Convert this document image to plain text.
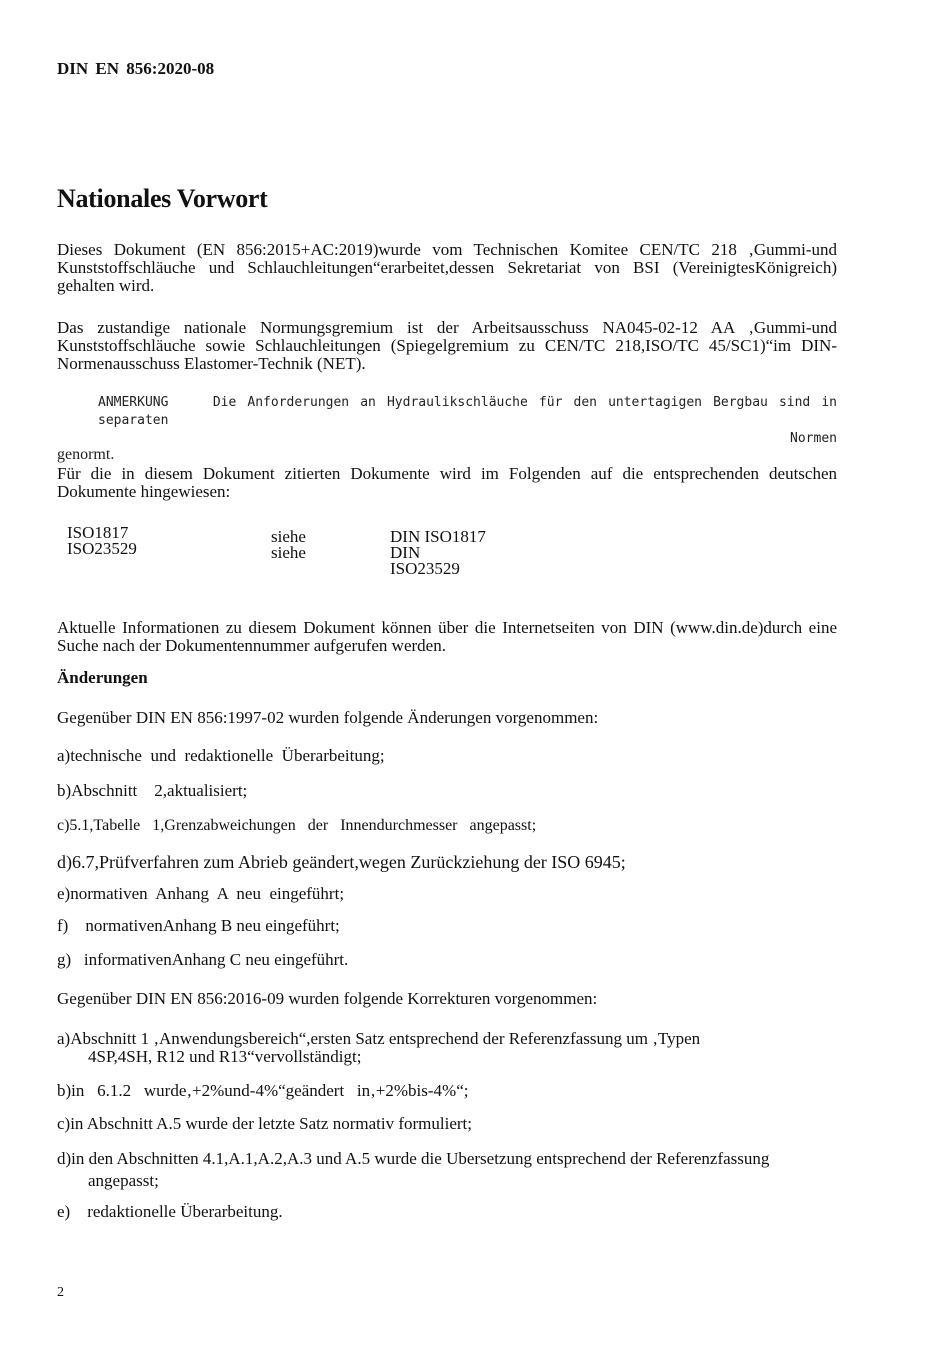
DIN EN 856:2020-08
Nationales Vorwort
Dieses Dokument (EN 856:2015+AC:2019)wurde vom Technischen Komitee CEN/TC 218 ‚Gummi-und Kunststoffschläuche und Schlauchleitungen“erarbeitet,dessen Sekretariat von BSI (VereinigtesKönigreich) gehalten wird.
Das zustandige nationale Normungsgremium ist der Arbeitsausschuss NA045-02-12 AA ‚Gummi-und Kunststoffschläuche sowie Schlauchleitungen (Spiegelgremium zu CEN/TC 218,ISO/TC 45/SC1)“im DIN-Normenausschuss Elastomer-Technik (NET).
ANMERKUNG	Die Anforderungen an Hydraulikschläuche für den untertagigen Bergbau sind in separaten
Normen
genormt.
Für die in diesem Dokument zitierten Dokumente wird im Folgenden auf die entsprechenden deutschen Dokumente hingewiesen:
ISO1817
ISO23529
siehe
siehe
DIN ISO1817
DIN
ISO23529
Aktuelle Informationen zu diesem Dokument können über die Internetseiten von DIN (www.din.de)durch eine Suche nach der Dokumentennummer aufgerufen werden.
Änderungen
Gegenüber DIN EN 856:1997-02 wurden folgende Änderungen vorgenommen:
a)technische  und  redaktionelle  Überarbeitung;
b)Abschnitt    2,aktualisiert;
c)5.1,Tabelle   1,Grenzabweichungen   der   Innendurchmesser   angepasst;
d)6.7,Prüfverfahren zum Abrieb geändert,wegen Zurückziehung der ISO 6945;
e)normativen  Anhang  A  neu  eingeführt;
f)    normativenAnhang B neu eingeführt;
g)   informativenAnhang C neu eingeführt.
Gegenüber DIN EN 856:2016-09 wurden folgende Korrekturen vorgenommen:
a)Abschnitt 1 ‚Anwendungsbereich“,ersten Satz entsprechend der Referenzfassung um ‚Typen
4SP,4SH, R12 und R13“vervollständigt;
b)in   6.1.2   wurde‚+2%und-4%“geändert   in‚+2%bis-4%“;
c)in Abschnitt A.5 wurde der letzte Satz normativ formuliert;
d)in den Abschnitten 4.1,A.1,A.2,A.3 und A.5 wurde die Ubersetzung entsprechend der Referenzfassung
angepasst;
e)    redaktionelle Überarbeitung.
2
